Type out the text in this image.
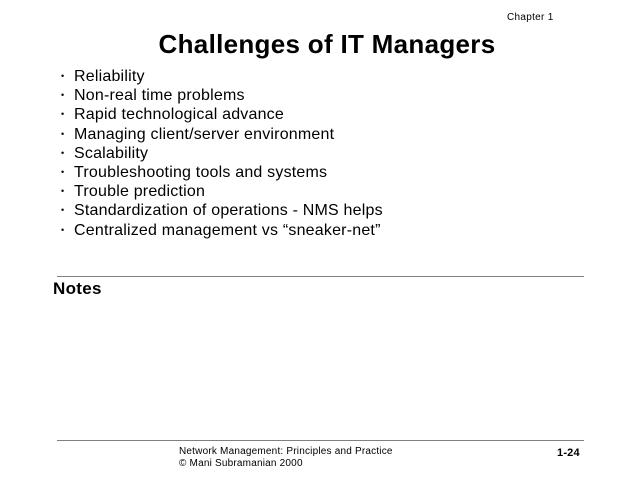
Chapter 1
Challenges of IT Managers
• Reliability
• Non-real time problems
• Rapid technological advance
• Managing client/server environment
• Scalability
• Troubleshooting tools and systems
• Trouble prediction
• Standardization of operations - NMS helps
• Centralized management vs “sneaker-net”
Notes
Network Management: Principles and Practice
© Mani Subramanian 2000
1-24
